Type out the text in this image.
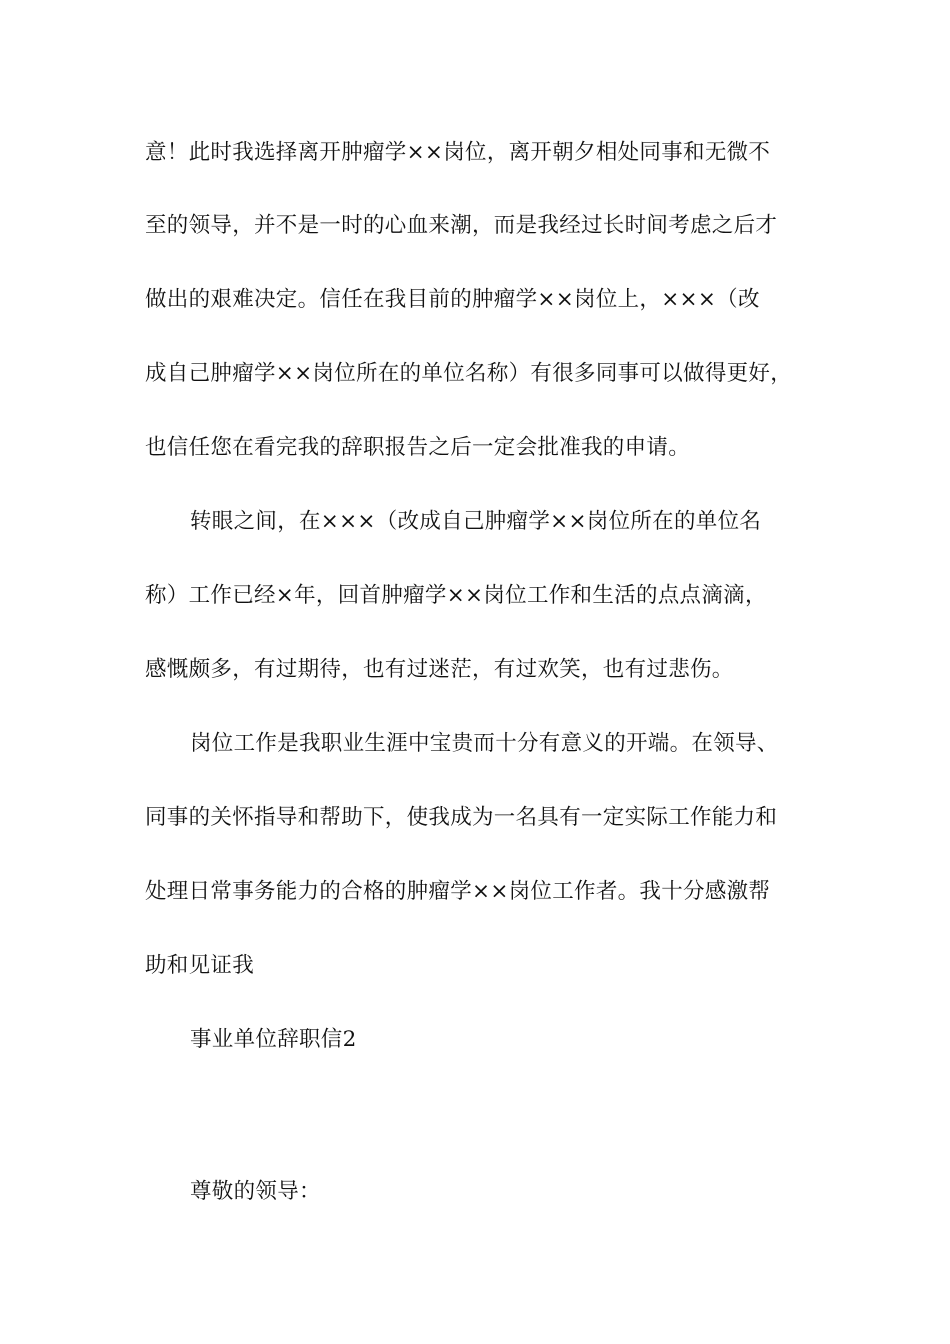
意！此时我选择离开肿瘤学××岗位，离开朝夕相处同事和无微不
至的领导，并不是一时的心血来潮，而是我经过长时间考虑之后才
做出的艰难决定。信任在我目前的肿瘤学××岗位上，×××（改
成自己肿瘤学××岗位所在的单位名称）有很多同事可以做得更好，
也信任您在看完我的辞职报告之后一定会批准我的申请。
转眼之间，在×××（改成自己肿瘤学××岗位所在的单位名
称）工作已经×年，回首肿瘤学××岗位工作和生活的点点滴滴，
感慨颇多，有过期待，也有过迷茫，有过欢笑，也有过悲伤。
岗位工作是我职业生涯中宝贵而十分有意义的开端。在领导、
同事的关怀指导和帮助下，使我成为一名具有一定实际工作能力和
处理日常事务能力的合格的肿瘤学××岗位工作者。我十分感激帮
助和见证我
事业单位辞职信2
尊敬的领导：
